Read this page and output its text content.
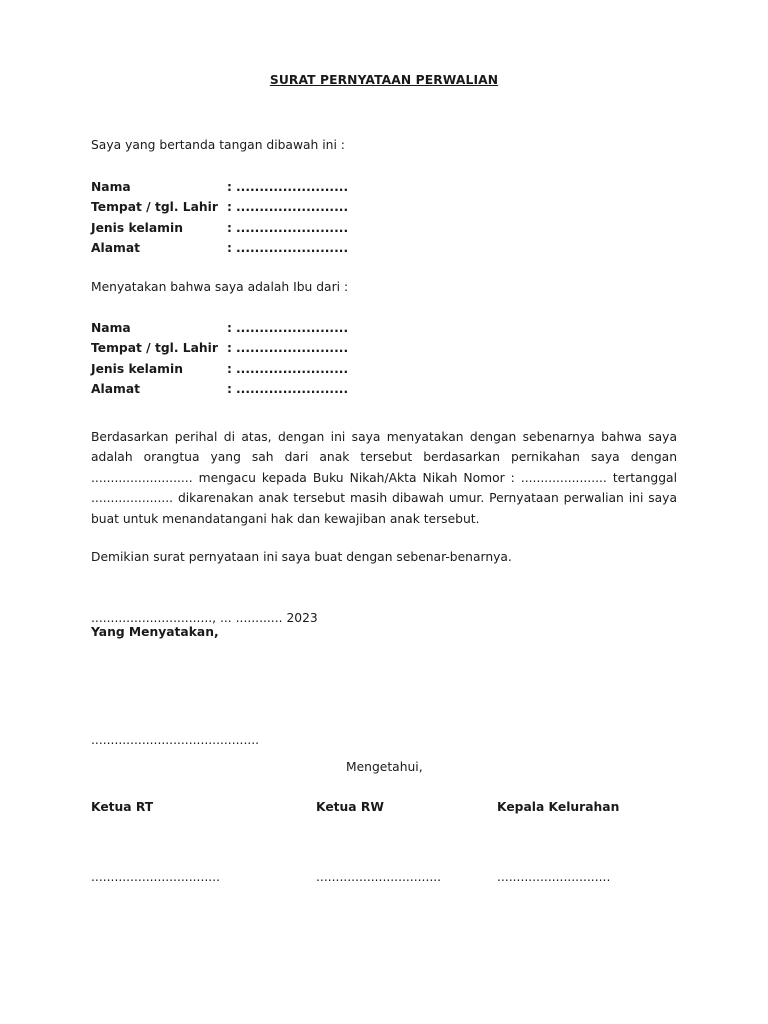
SURAT PERNYATAAN PERWALIAN
Saya yang bertanda tangan dibawah ini :
Nama	: ........................
Tempat / tgl. Lahir : ........................
Jenis kelamin	: ........................
Alamat	: ........................
Menyatakan bahwa saya adalah Ibu dari :
Nama	: ........................
Tempat / tgl. Lahir : ........................
Jenis kelamin	: ........................
Alamat	: ........................
Berdasarkan perihal di atas, dengan ini saya menyatakan dengan sebenarnya bahwa saya adalah orangtua yang sah dari anak tersebut berdasarkan pernikahan saya dengan .......................... mengacu kepada Buku Nikah/Akta Nikah Nomor : ...................... tertanggal ..................... dikarenakan anak tersebut masih dibawah umur. Pernyataan perwalian ini saya buat untuk menandatangani hak dan kewajiban anak tersebut.
Demikian surat pernyataan ini saya buat dengan sebenar-benarnya.
..............................., ... ............ 2023
Yang Menyatakan,
...........................................
Mengetahui,
Ketua RT	Ketua RW	Kepala Kelurahan
.................................	................................	.............................
